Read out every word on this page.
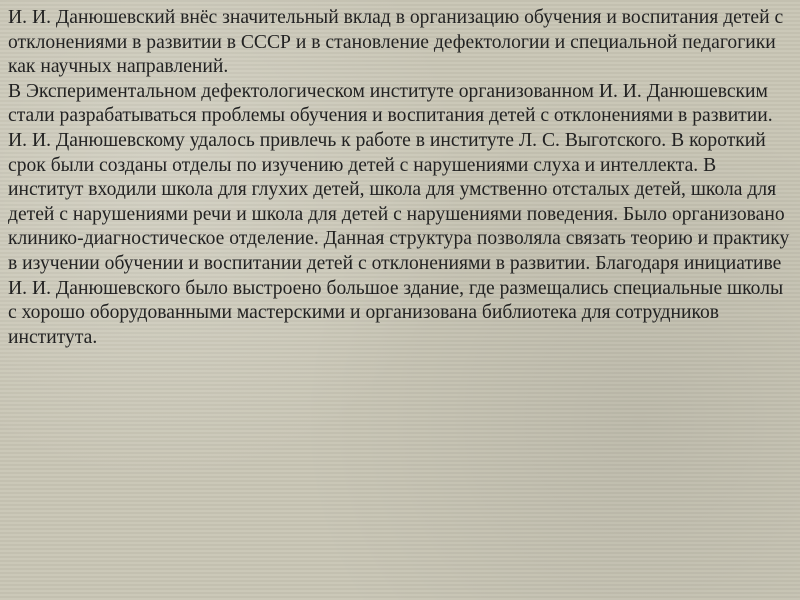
И. И. Данюшевский внёс значительный вклад в организацию обучения и воспитания детей с отклонениями в развитии в СССР и в становление дефектологии и специальной педагогики как научных направлений.

В Экспериментальном дефектологическом институте организованном И. И. Данюшевским стали разрабатываться проблемы обучения и воспитания детей с отклонениями в развитии. И. И. Данюшевскому удалось привлечь к работе в институте Л. С. Выготского. В короткий срок были созданы отделы по изучению детей с нарушениями слуха и интеллекта. В институт входили школа для глухих детей, школа для умственно отсталых детей, школа для детей с нарушениями речи и школа для детей с нарушениями поведения. Было организовано клинико-диагностическое отделение. Данная структура позволяла связать теорию и практику в изучении обучении и воспитании детей с отклонениями в развитии. Благодаря инициативе И. И. Данюшевского было выстроено большое здание, где размещались специальные школы с хорошо оборудованными мастерскими и организована библиотека для сотрудников института.
